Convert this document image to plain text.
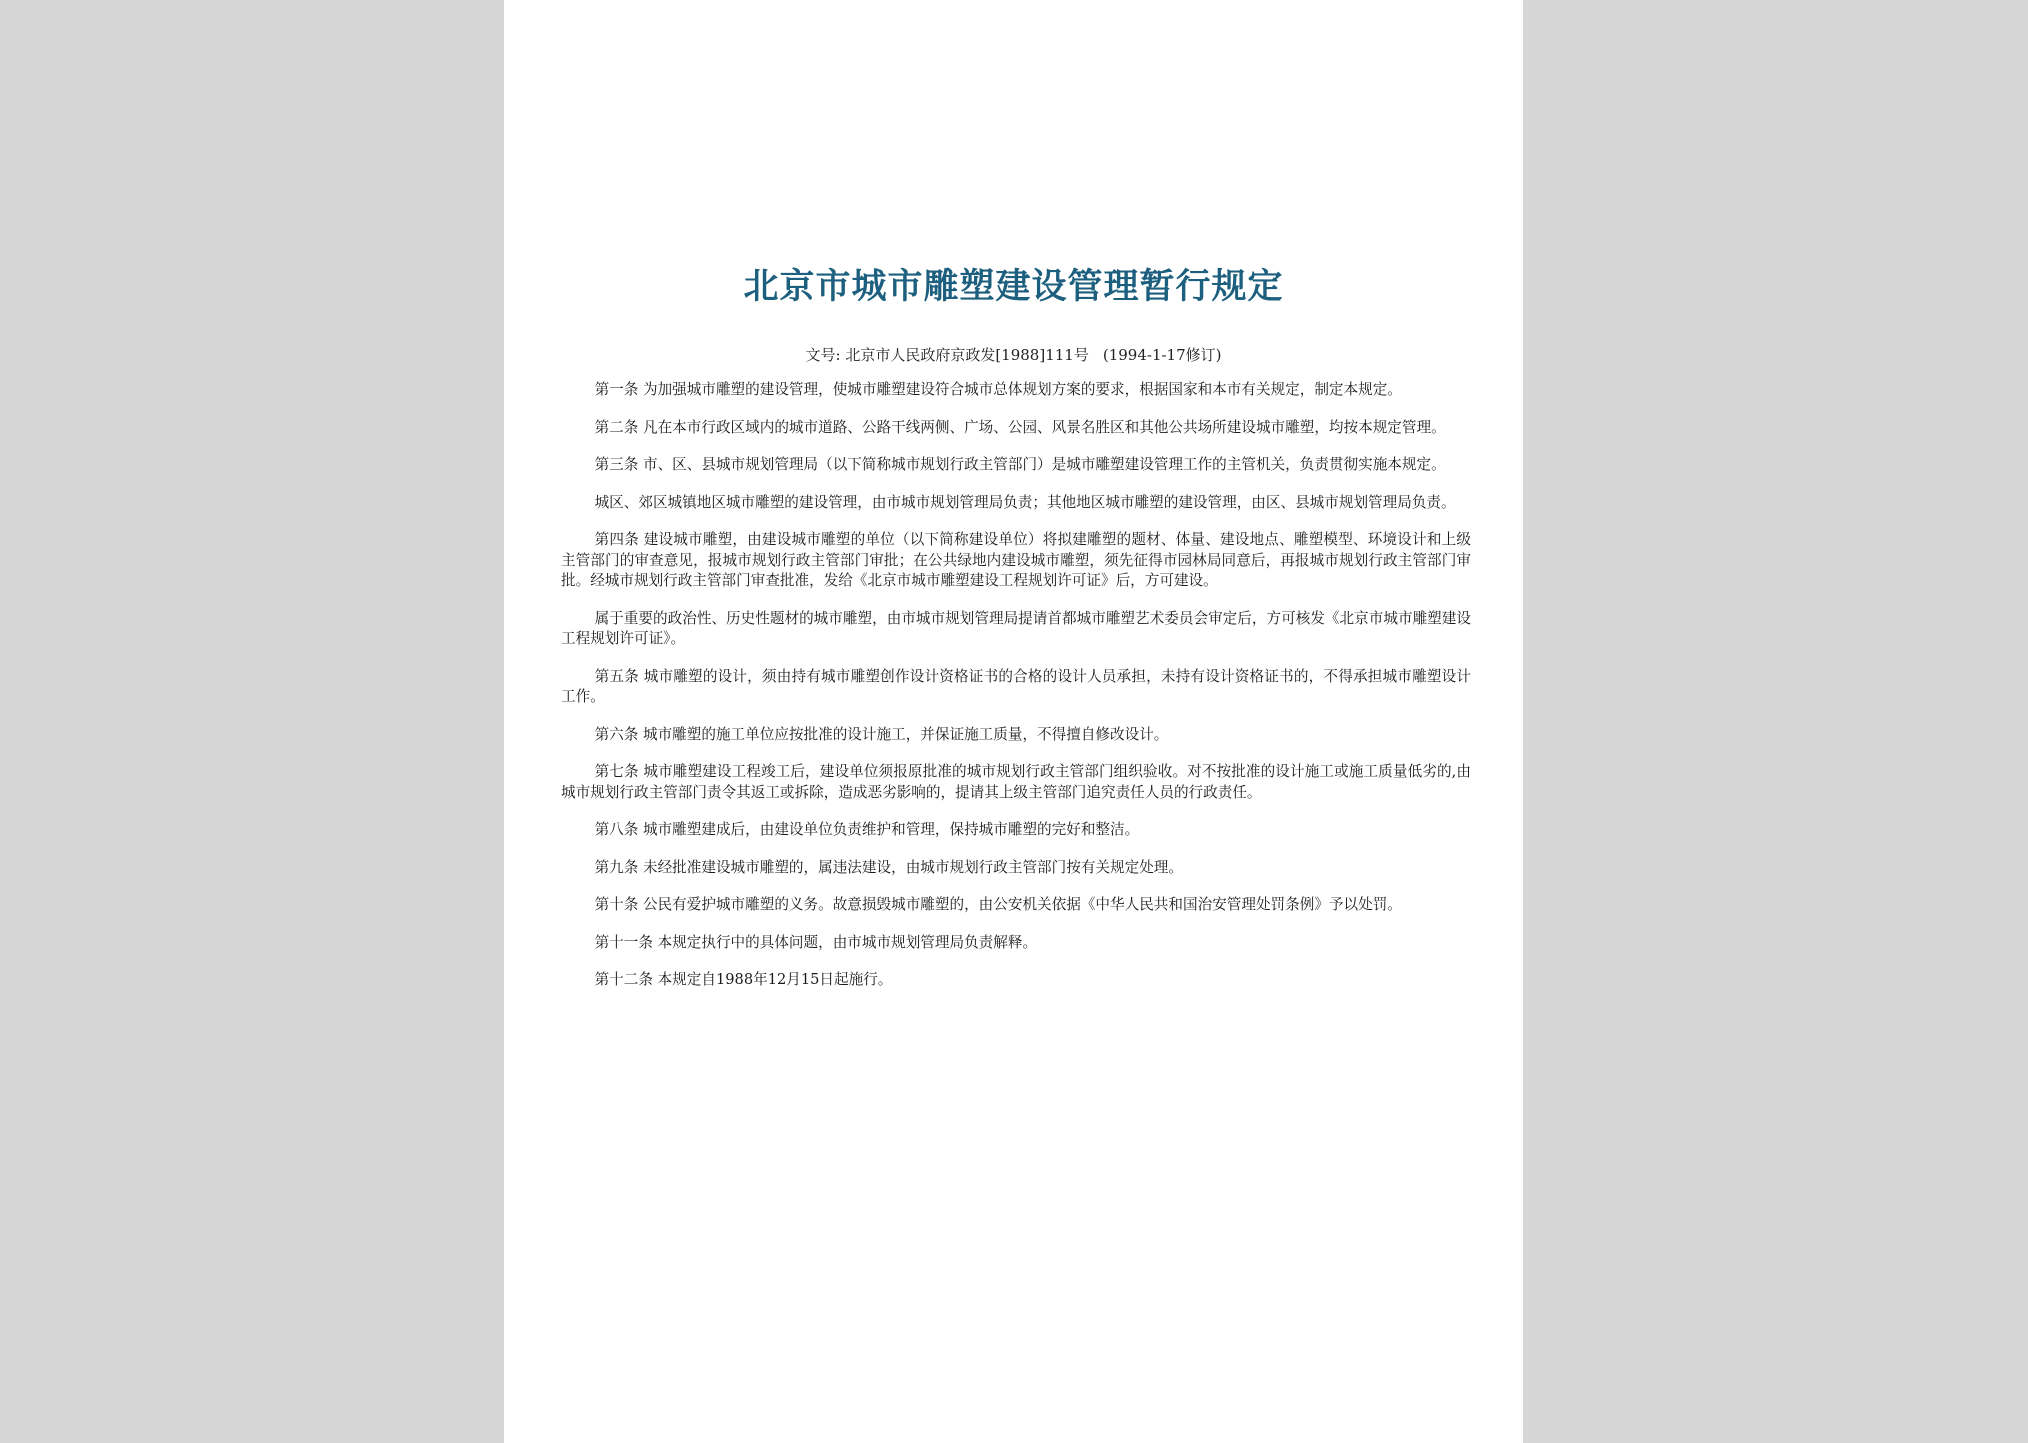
北京市城市雕塑建设管理暂行规定
文号: 北京市人民政府京政发[1988]111号 (1994-1-17修订)

第一条 为加强城市雕塑的建设管理，使城市雕塑建设符合城市总体规划方案的要求，根据国家和本市有关规定，制定本规定。

第二条 凡在本市行政区域内的城市道路、公路干线两侧、广场、公园、风景名胜区和其他公共场所建设城市雕塑，均按本规定管理。

第三条 市、区、县城市规划管理局（以下简称城市规划行政主管部门）是城市雕塑建设管理工作的主管机关，负责贯彻实施本规定。

城区、郊区城镇地区城市雕塑的建设管理，由市城市规划管理局负责；其他地区城市雕塑的建设管理，由区、县城市规划管理局负责。

第四条 建设城市雕塑，由建设城市雕塑的单位（以下简称建设单位）将拟建雕塑的题材、体量、建设地点、雕塑模型、环境设计和上级主管部门的审查意见，报城市规划行政主管部门审批；在公共绿地内建设城市雕塑，须先征得市园林局同意后，再报城市规划行政主管部门审批。经城市规划行政主管部门审查批准，发给《北京市城市雕塑建设工程规划许可证》后，方可建设。

属于重要的政治性、历史性题材的城市雕塑，由市城市规划管理局提请首都城市雕塑艺术委员会审定后，方可核发《北京市城市雕塑建设工程规划许可证》。

第五条 城市雕塑的设计，须由持有城市雕塑创作设计资格证书的合格的设计人员承担，未持有设计资格证书的，不得承担城市雕塑设计工作。

第六条 城市雕塑的施工单位应按批准的设计施工，并保证施工质量，不得擅自修改设计。

第七条 城市雕塑建设工程竣工后，建设单位须报原批准的城市规划行政主管部门组织验收。对不按批准的设计施工或施工质量低劣的,由城市规划行政主管部门责令其返工或拆除，造成恶劣影响的，提请其上级主管部门追究责任人员的行政责任。

第八条 城市雕塑建成后，由建设单位负责维护和管理，保持城市雕塑的完好和整洁。

第九条 未经批准建设城市雕塑的，属违法建设，由城市规划行政主管部门按有关规定处理。

第十条 公民有爱护城市雕塑的义务。故意损毁城市雕塑的，由公安机关依据《中华人民共和国治安管理处罚条例》予以处罚。

第十一条 本规定执行中的具体问题，由市城市规划管理局负责解释。

第十二条 本规定自1988年12月15日起施行。
